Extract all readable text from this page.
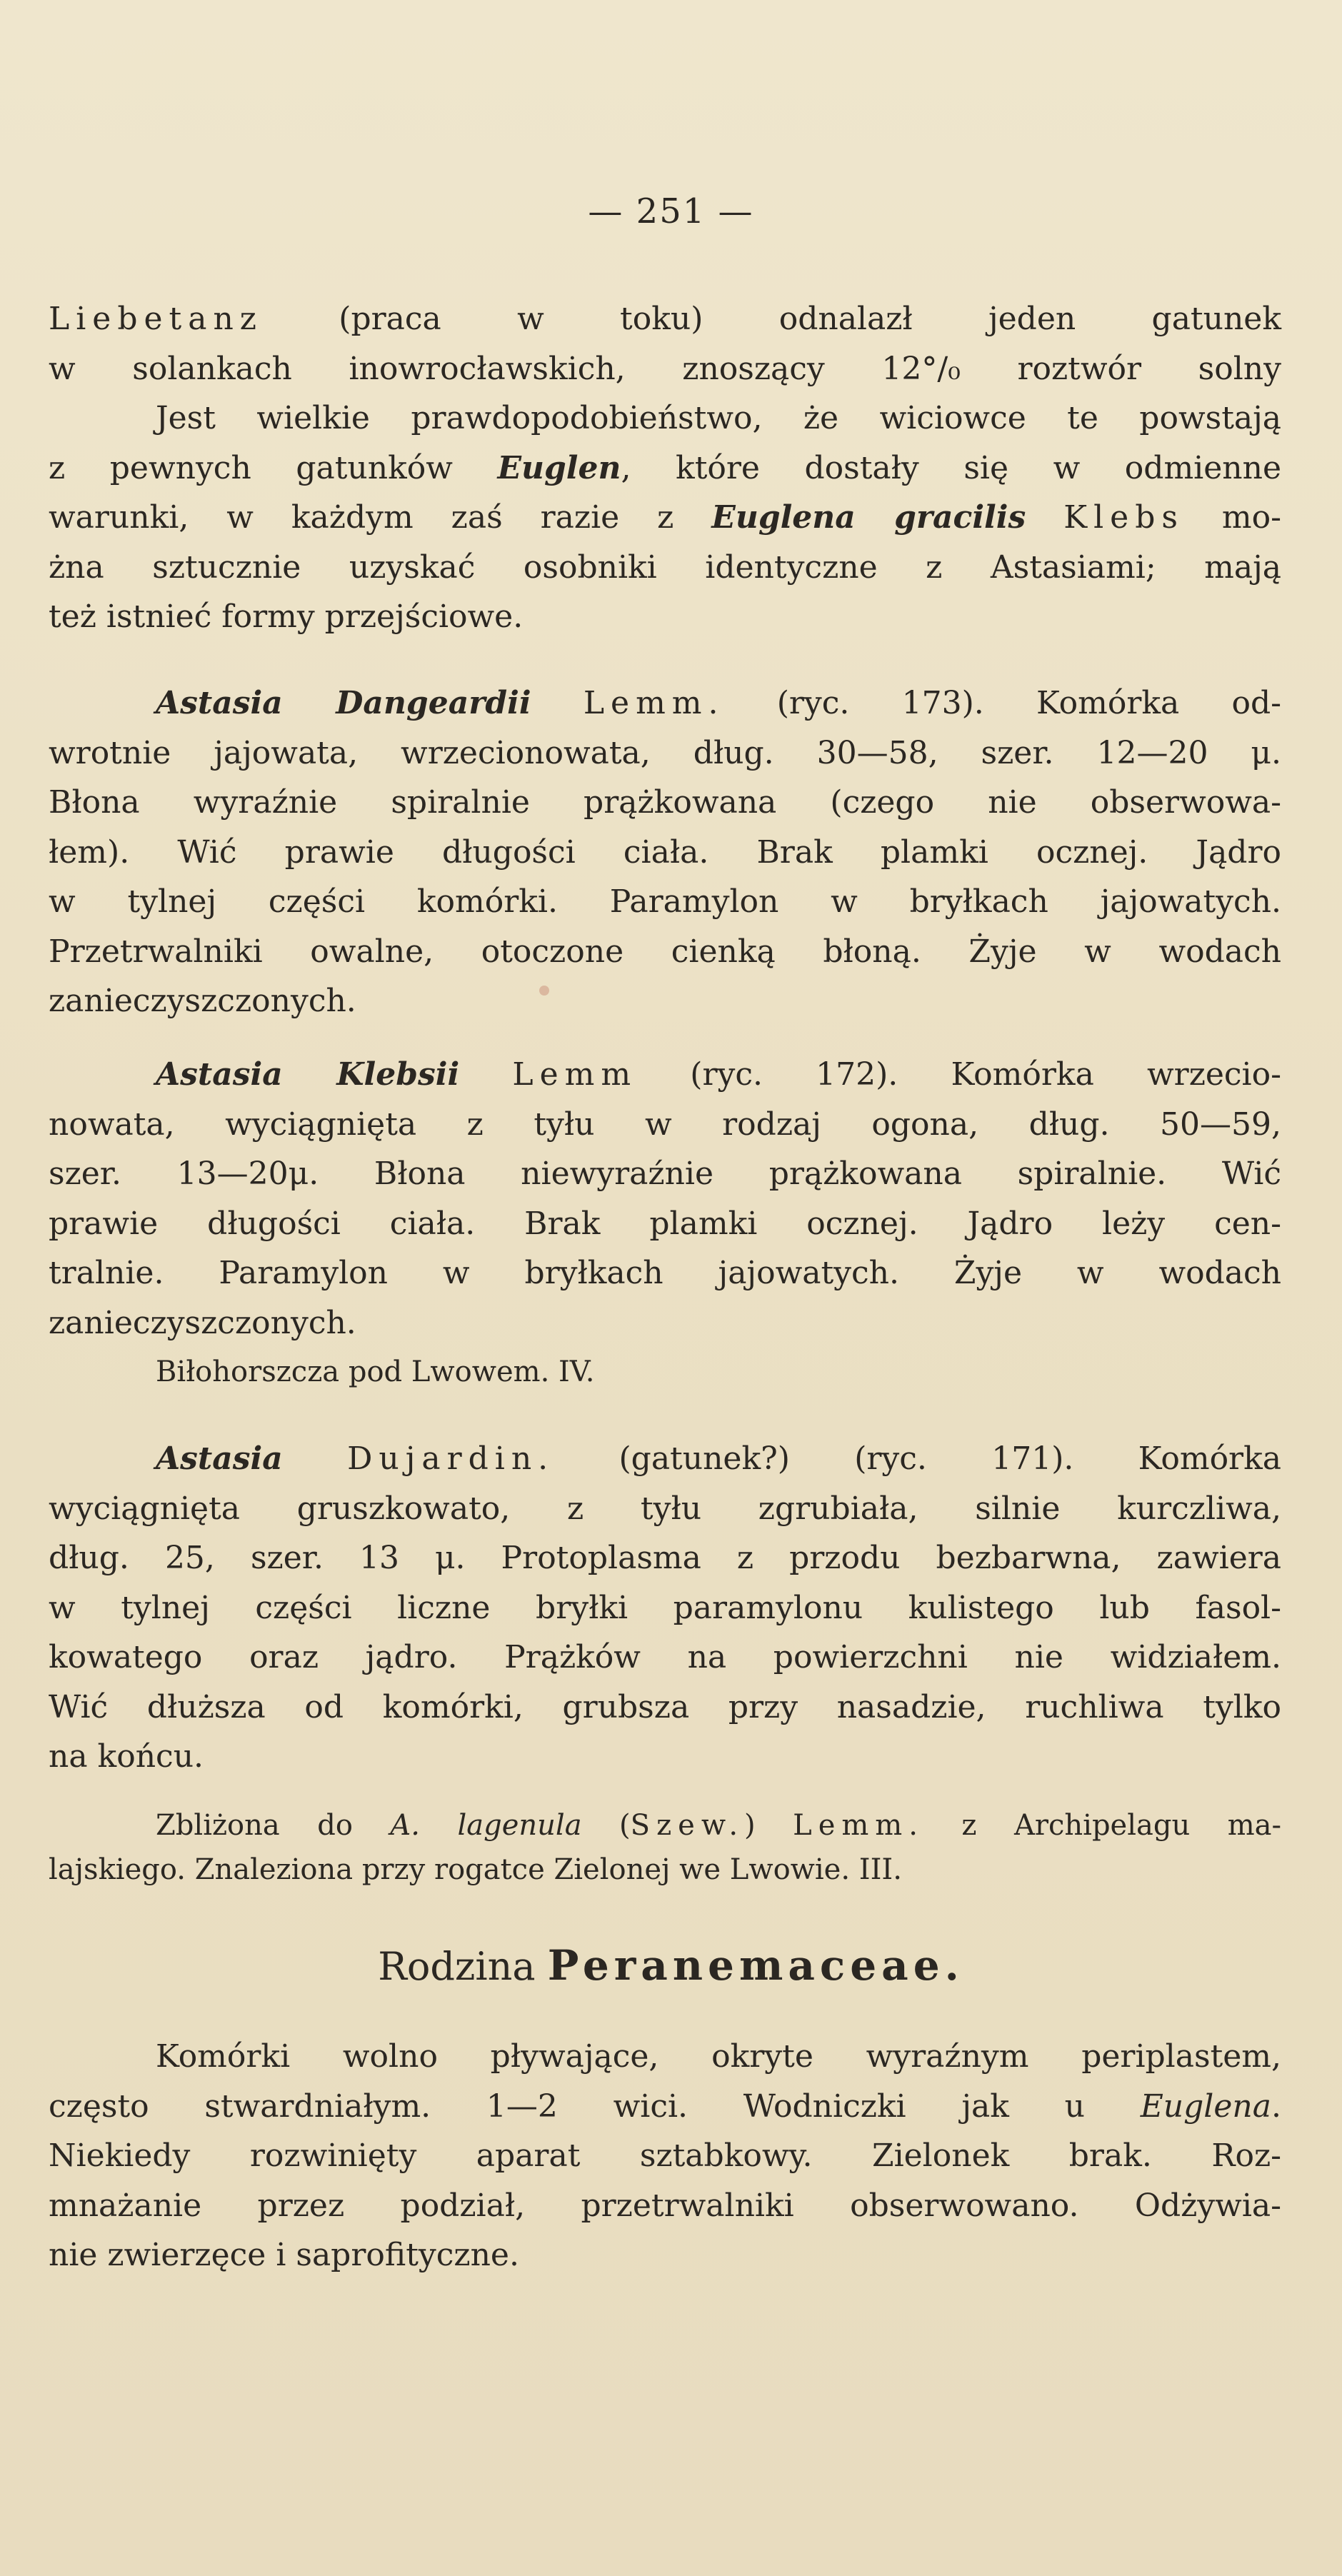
— 251 —
Liebetanz (praca w toku) odnalazł jeden gatunek
w solankach inowrocławskich, znoszący 12°/₀ roztwór solny
Jest wielkie prawdopodobieństwo, że wiciowce te powstają
z pewnych gatunków Euglen, które dostały się w odmienne
warunki, w każdym zaś razie z Euglena gracilis Klebs mo-
żna sztucznie uzyskać osobniki identyczne z Astasiami; mają
też istnieć formy przejściowe.
Astasia Dangeardii Lemm. (ryc. 173). Komórka od-
wrotnie jajowata, wrzecionowata, dług. 30—58, szer. 12—20 μ.
Błona wyraźnie spiralnie prążkowana (czego nie obserwowa-
łem). Wić prawie długości ciała. Brak plamki ocznej. Jądro
w tylnej części komórki. Paramylon w bryłkach jajowatych.
Przetrwalniki owalne, otoczone cienką błoną. Żyje w wodach
zanieczyszczonych.
Astasia Klebsii Lemm (ryc. 172). Komórka wrzecio-
nowata, wyciągnięta z tyłu w rodzaj ogona, dług. 50—59,
szer. 13—20μ. Błona niewyraźnie prążkowana spiralnie. Wić
prawie długości ciała. Brak plamki ocznej. Jądro leży cen-
tralnie. Paramylon w bryłkach jajowatych. Żyje w wodach
zanieczyszczonych.
Biłohorszcza pod Lwowem. IV.
Astasia Dujardin. (gatunek?) (ryc. 171). Komórka
wyciągnięta gruszkowato, z tyłu zgrubiała, silnie kurczliwa,
dług. 25, szer. 13 μ. Protoplasma z przodu bezbarwna, zawiera
w tylnej części liczne bryłki paramylonu kulistego lub fasol-
kowatego oraz jądro. Prążków na powierzchni nie widziałem.
Wić dłuższa od komórki, grubsza przy nasadzie, ruchliwa tylko
na końcu.
Zbliżona do A. lagenula (Szew.) Lemm. z Archipelagu ma-
lajskiego. Znaleziona przy rogatce Zielonej we Lwowie. III.
Rodzina Peranemaceae.
Komórki wolno pływające, okryte wyraźnym periplastem,
często stwardniałym. 1—2 wici. Wodniczki jak u Euglena.
Niekiedy rozwinięty aparat sztabkowy. Zielonek brak. Roz-
mnażanie przez podział, przetrwalniki obserwowano. Odżywia-
nie zwierzęce i saprofityczne.
